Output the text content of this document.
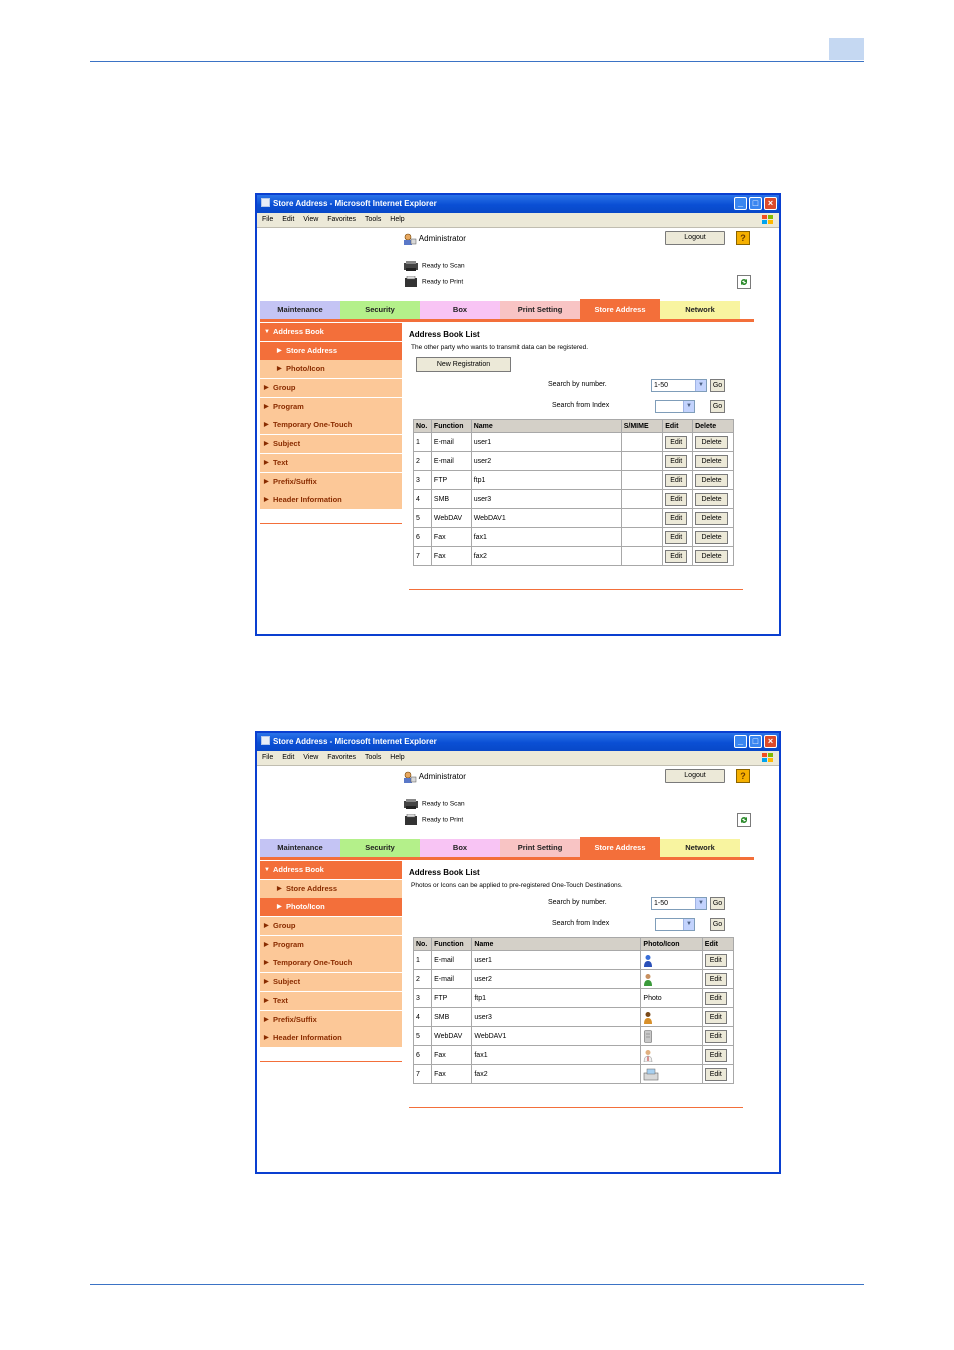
Store Address - Microsoft Internet Explorer	_ □ ×
File Edit View Favorites Tools Help
Administrator	Logout	?
Ready to Scan
Ready to Print
Maintenance	Security	Box	Print Setting	Store Address	Network
▼ Address Book
▶ Store Address
▶ Photo/Icon
▶ Group
▶ Program
▶ Temporary One-Touch
▶ Subject
▶ Text
▶ Prefix/Suffix
▶ Header Information
Address Book List
The other party who wants to transmit data can be registered.
New Registration
Search by number.	1-50	▼	Go
Search from Index	▼	Go
No.	Function	Name	S/MIME	Edit	Delete
1	E-mail	user1		Edit	Delete
2	E-mail	user2		Edit	Delete
3	FTP	ftp1		Edit	Delete
4	SMB	user3		Edit	Delete
5	WebDAV	WebDAV1		Edit	Delete
6	Fax	fax1		Edit	Delete
7	Fax	fax2		Edit	Delete
Store Address - Microsoft Internet Explorer	_ □ ×
File Edit View Favorites Tools Help
Administrator	Logout	?
Ready to Scan
Ready to Print
Maintenance	Security	Box	Print Setting	Store Address	Network
▼ Address Book
▶ Store Address
▶ Photo/Icon
▶ Group
▶ Program
▶ Temporary One-Touch
▶ Subject
▶ Text
▶ Prefix/Suffix
▶ Header Information
Address Book List
Photos or Icons can be applied to pre-registered One-Touch Destinations.
Search by number.	1-50	▼	Go
Search from Index	▼	Go
No.	Function	Name	Photo/Icon	Edit
1	E-mail	user1		Edit
2	E-mail	user2		Edit
3	FTP	ftp1	Photo	Edit
4	SMB	user3		Edit
5	WebDAV	WebDAV1		Edit
6	Fax	fax1		Edit
7	Fax	fax2		Edit
